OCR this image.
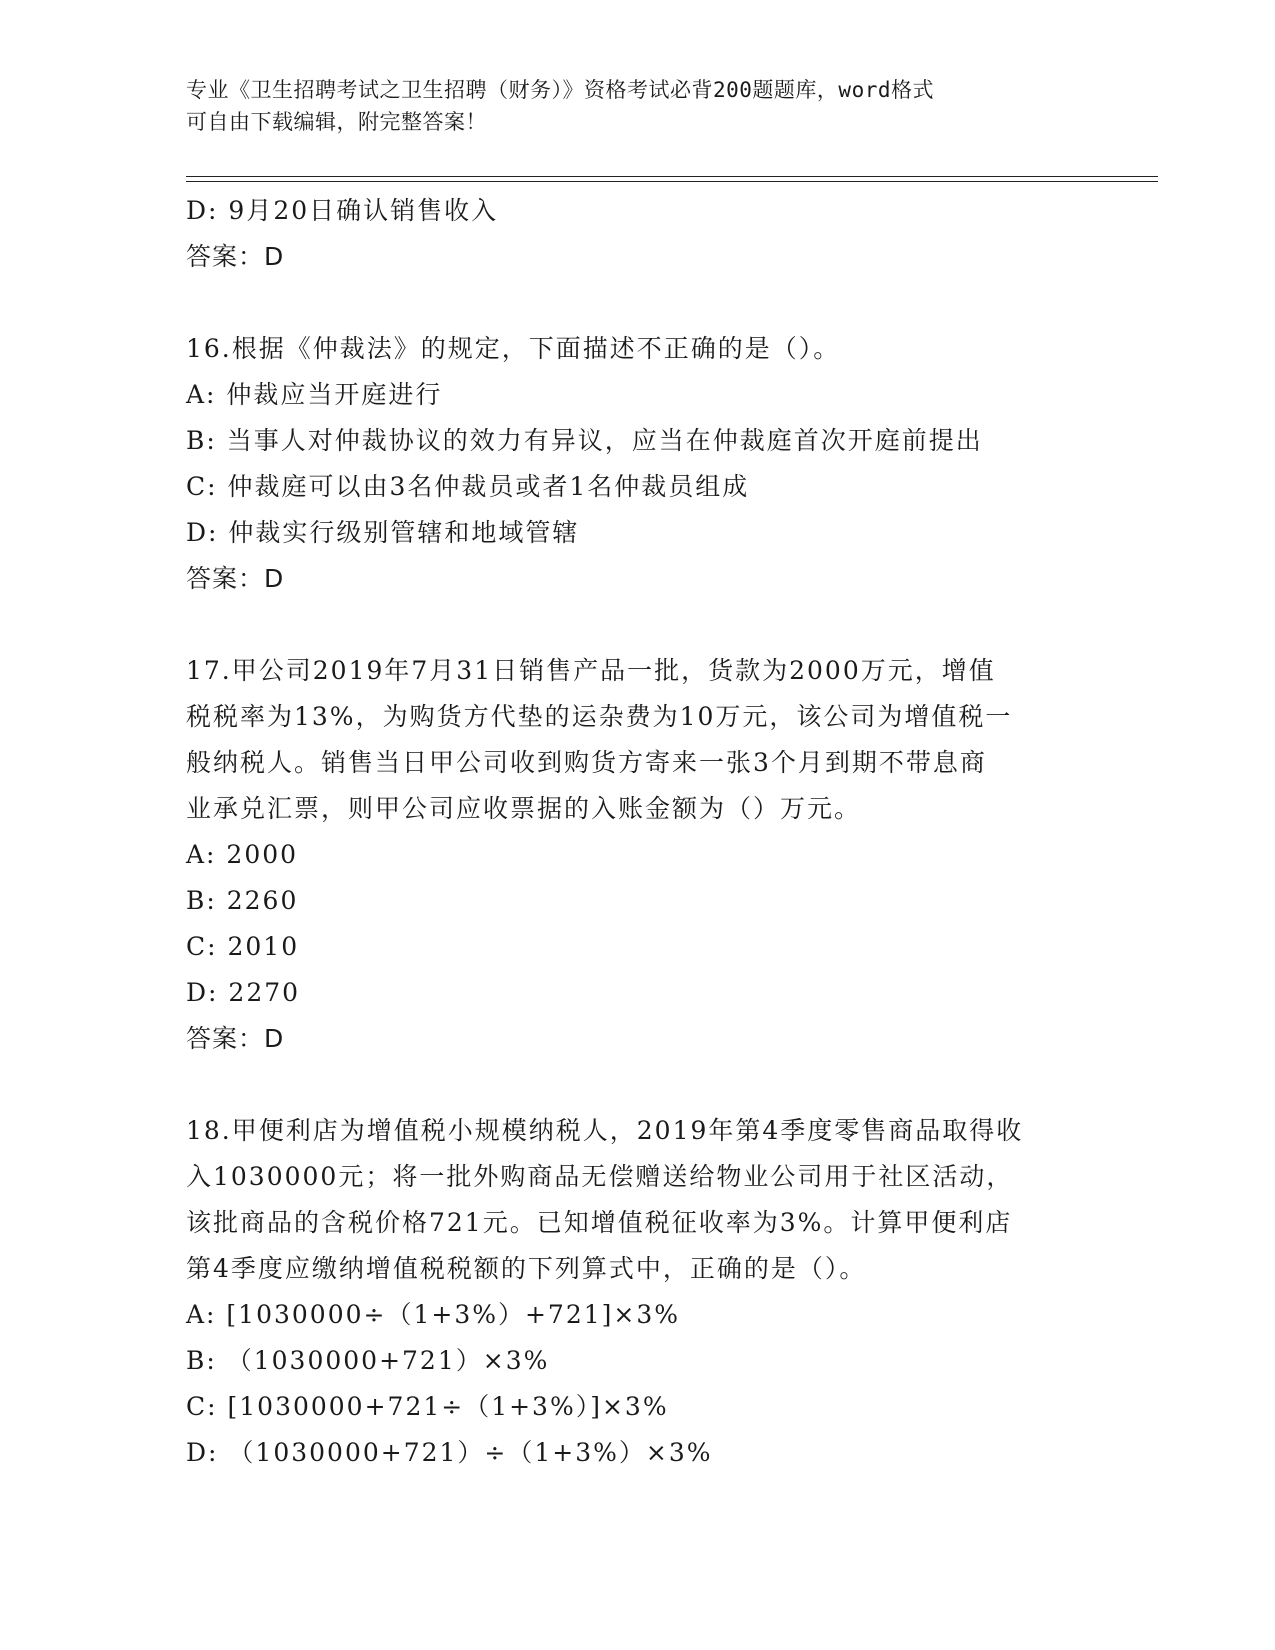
专业《卫生招聘考试之卫生招聘（财务）》资格考试必背200题题库，word格式
可自由下载编辑，附完整答案！
D: 9月20日确认销售收入
答案：D
16.根据《仲裁法》的规定，下面描述不正确的是（）。
A: 仲裁应当开庭进行
B: 当事人对仲裁协议的效力有异议，应当在仲裁庭首次开庭前提出
C: 仲裁庭可以由3名仲裁员或者1名仲裁员组成
D: 仲裁实行级别管辖和地域管辖
答案：D
17.甲公司2019年7月31日销售产品一批，货款为2000万元，增值
税税率为13%，为购货方代垫的运杂费为10万元，该公司为增值税一
般纳税人。销售当日甲公司收到购货方寄来一张3个月到期不带息商
业承兑汇票，则甲公司应收票据的入账金额为（）万元。
A: 2000
B: 2260
C: 2010
D: 2270
答案：D
18.甲便利店为增值税小规模纳税人，2019年第4季度零售商品取得收
入1030000元；将一批外购商品无偿赠送给物业公司用于社区活动，
该批商品的含税价格721元。已知增值税征收率为3%。计算甲便利店
第4季度应缴纳增值税税额的下列算式中，正确的是（）。
A: [1030000÷（1+3%）+721]×3%
B: （1030000+721）×3%
C: [1030000+721÷（1+3%）]×3%
D: （1030000+721）÷（1+3%）×3%
